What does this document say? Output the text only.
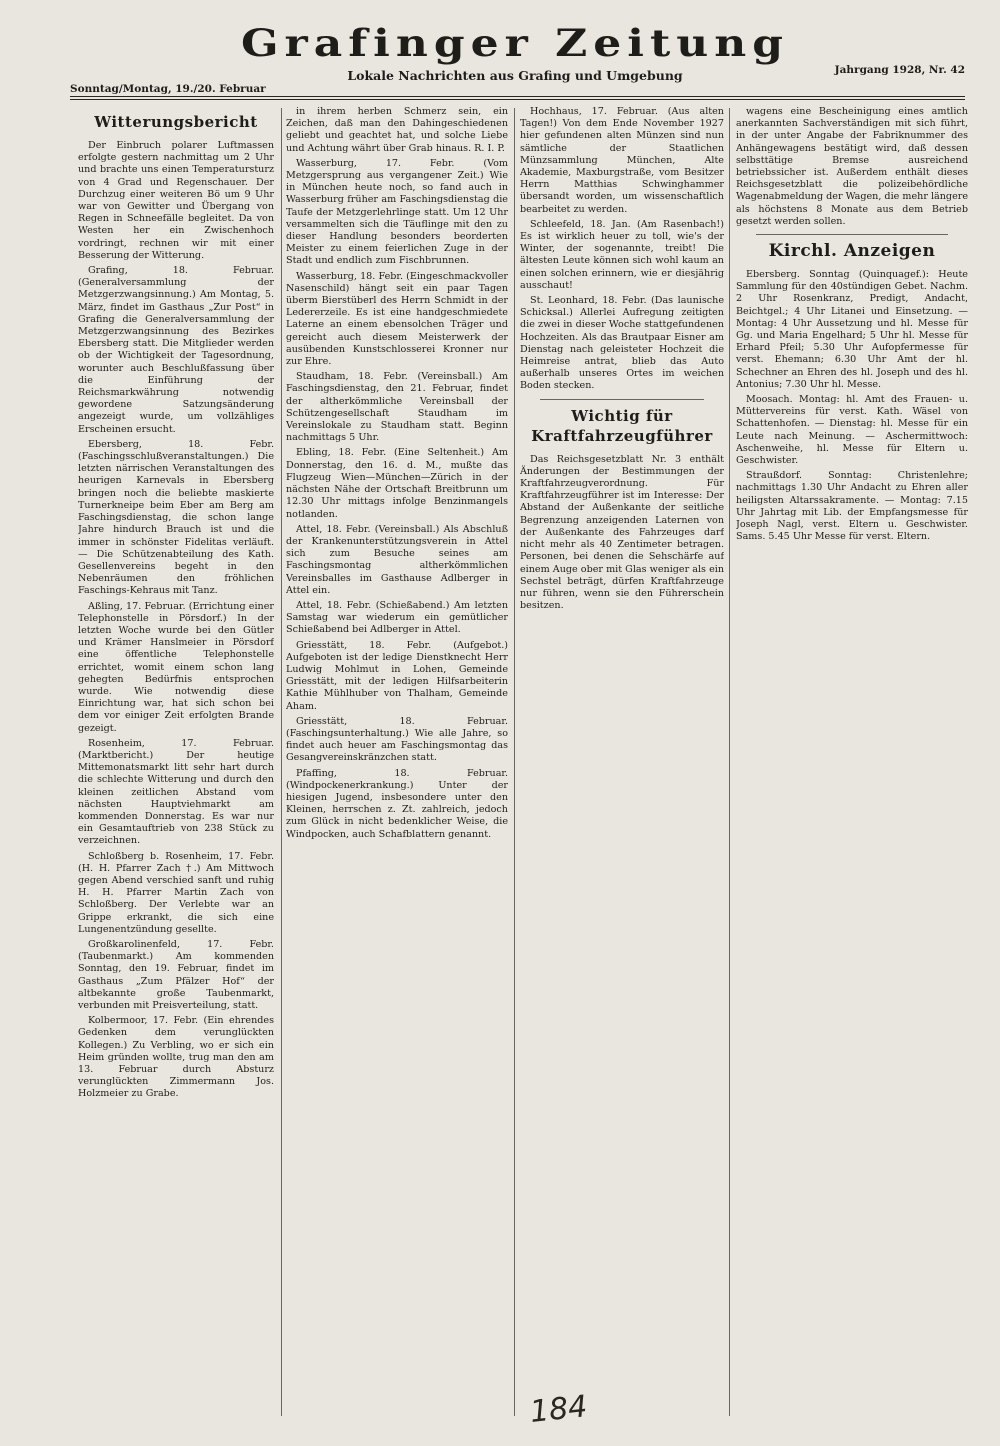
Grafinger Zeitung
Lokale Nachrichten aus Grafing und Umgebung
Sonntag/Montag, 19./20. Februar
Jahrgang 1928, Nr. 42
Witterungsbericht

Der Einbruch polarer Luftmassen erfolgte gestern nachmittag um 2 Uhr und brachte uns einen Temperatursturz von 4 Grad und Regenschauer. Der Durchzug einer weiteren Bö um 9 Uhr war von Gewitter und Übergang von Regen in Schneefälle begleitet. Da von Westen her ein Zwischenhoch vordringt, rechnen wir mit einer Besserung der Witterung.

Grafing, 18. Februar. (Generalversammlung der Metzgerzwangsinnung.) Am Montag, 5. März, findet im Gasthaus „Zur Post“ in Grafing die Generalversammlung der Metzgerzwangsinnung des Bezirkes Ebersberg statt. Die Mitglieder werden ob der Wichtigkeit der Tagesordnung, worunter auch Beschlußfassung über die Einführung der Reichsmarkwährung notwendig gewordene Satzungsänderung angezeigt wurde, um vollzähliges Erscheinen ersucht.

Ebersberg, 18. Febr. (Faschingsschlußveranstaltungen.) Die letzten närrischen Veranstaltungen des heurigen Karnevals in Ebersberg bringen noch die beliebte maskierte Turnerkneipe beim Eber am Berg am Faschingsdienstag, die schon lange Jahre hindurch Brauch ist und die immer in schönster Fidelitas verläuft. — Die Schützenabteilung des Kath. Gesellenvereins begeht in den Nebenräumen den fröhlichen Faschings-Kehraus mit Tanz.

Aßling, 17. Februar. (Errichtung einer Telephonstelle in Pörsdorf.) In der letzten Woche wurde bei den Gütler und Krämer Hanslmeier in Pörsdorf eine öffentliche Telephonstelle errichtet, womit einem schon lang gehegten Bedürfnis entsprochen wurde. Wie notwendig diese Einrichtung war, hat sich schon bei dem vor einiger Zeit erfolgten Brande gezeigt.

Rosenheim, 17. Februar. (Marktbericht.) Der heutige Mittemonatsmarkt litt sehr hart durch die schlechte Witterung und durch den kleinen zeitlichen Abstand vom nächsten Hauptviehmarkt am kommenden Donnerstag. Es war nur ein Gesamtauftrieb von 238 Stück zu verzeichnen.

Schloßberg b. Rosenheim, 17. Febr. (H. H. Pfarrer Zach †.) Am Mittwoch gegen Abend verschied sanft und ruhig H. H. Pfarrer Martin Zach von Schloßberg. Der Verlebte war an Grippe erkrankt, die sich eine Lungenentzündung gesellte.

Großkarolinenfeld, 17. Febr. (Taubenmarkt.) Am kommenden Sonntag, den 19. Februar, findet im Gasthaus „Zum Pfälzer Hof“ der altbekannte große Taubenmarkt, verbunden mit Preisverteilung, statt.

Kolbermoor, 17. Febr. (Ein ehrendes Gedenken dem verunglückten Kollegen.) Zu Verbling, wo er sich ein Heim gründen wollte, trug man den am 13. Februar durch Absturz verunglückten Zimmermann Jos. Holzmeier zu Grabe.

in ihrem herben Schmerz sein, ein Zeichen, daß man den Dahingeschiedenen geliebt und geachtet hat, und solche Liebe und Achtung währt über Grab hinaus. R. I. P.

Wasserburg, 17. Febr. (Vom Metzgersprung aus vergangener Zeit.) Wie in München heute noch, so fand auch in Wasserburg früher am Faschingsdienstag die Taufe der Metzgerlehrlinge statt. Um 12 Uhr versammelten sich die Täuflinge mit den zu dieser Handlung besonders beorderten Meister zu einem feierlichen Zuge in der Stadt und endlich zum Fischbrunnen.

Wasserburg, 18. Febr. (Eingeschmackvoller Nasenschild) hängt seit ein paar Tagen überm Bierstüberl des Herrn Schmidt in der Ledererzeile. Es ist eine handgeschmiedete Laterne an einem ebensolchen Träger und gereicht auch diesem Meisterwerk der ausübenden Kunstschlosserei Kronner nur zur Ehre.

Staudham, 18. Febr. (Vereinsball.) Am Faschingsdienstag, den 21. Februar, findet der altherkömmliche Vereinsball der Schützengesellschaft Staudham im Vereinslokale zu Staudham statt. Beginn nachmittags 5 Uhr.

Ebling, 18. Febr. (Eine Seltenheit.) Am Donnerstag, den 16. d. M., mußte das Flugzeug Wien—München—Zürich in der nächsten Nähe der Ortschaft Breitbrunn um 12.30 Uhr mittags infolge Benzinmangels notlanden.

Attel, 18. Febr. (Vereinsball.) Als Abschluß der Krankenunterstützungsverein in Attel sich zum Besuche seines am Faschingsmontag altherkömmlichen Vereinsballes im Gasthause Adlberger in Attel ein.

Attel, 18. Febr. (Schießabend.) Am letzten Samstag war wiederum ein gemütlicher Schießabend bei Adlberger in Attel.

Griesstätt, 18. Febr. (Aufgebot.) Aufgeboten ist der ledige Dienstknecht Herr Ludwig Mohlmut in Lohen, Gemeinde Griesstätt, mit der ledigen Hilfsarbeiterin Kathie Mühlhuber von Thalham, Gemeinde Aham.

Griesstätt, 18. Februar. (Faschingsunterhaltung.) Wie alle Jahre, so findet auch heuer am Faschingsmontag das Gesangvereinskränzchen statt.

Pfaffing, 18. Februar. (Windpockenerkrankung.) Unter der hiesigen Jugend, insbesondere unter den Kleinen, herrschen z. Zt. zahlreich, jedoch zum Glück in nicht bedenklicher Weise, die Windpocken, auch Schafblattern genannt.

Hochhaus, 17. Februar. (Aus alten Tagen!) Von dem Ende November 1927 hier gefundenen alten Münzen sind nun sämtliche der Staatlichen Münzsammlung München, Alte Akademie, Maxburgstraße, vom Besitzer Herrn Matthias Schwinghammer übersandt worden, um wissenschaftlich bearbeitet zu werden.

Schleefeld, 18. Jan. (Am Rasenbach!) Es ist wirklich heuer zu toll, wie's der Winter, der sogenannte, treibt! Die ältesten Leute können sich wohl kaum an einen solchen erinnern, wie er diesjährig ausschaut!

St. Leonhard, 18. Febr. (Das launische Schicksal.) Allerlei Aufregung zeitigten die zwei in dieser Woche stattgefundenen Hochzeiten. Als das Brautpaar Eisner am Dienstag nach geleisteter Hochzeit die Heimreise antrat, blieb das Auto außerhalb unseres Ortes im weichen Boden stecken.

Wichtig für Kraftfahrzeugführer

Das Reichsgesetzblatt Nr. 3 enthält Änderungen der Bestimmungen der Kraftfahrzeugverordnung. Für Kraftfahrzeugführer ist im Interesse: Der Abstand der Außenkante der seitliche Begrenzung anzeigenden Laternen von der Außenkante des Fahrzeuges darf nicht mehr als 40 Zentimeter betragen. Personen, bei denen die Sehschärfe auf einem Auge ober mit Glas weniger als ein Sechstel beträgt, dürfen Kraftfahrzeuge nur führen, wenn sie den Führerschein besitzen.

wagens eine Bescheinigung eines amtlich anerkannten Sachverständigen mit sich führt, in der unter Angabe der Fabriknummer des Anhängewagens bestätigt wird, daß dessen selbsttätige Bremse ausreichend betriebssicher ist. Außerdem enthält dieses Reichsgesetzblatt die polizeibehördliche Wagenabmeldung der Wagen, die mehr längere als höchstens 8 Monate aus dem Betrieb gesetzt werden sollen.

Kirchl. Anzeigen

Ebersberg. Sonntag (Quinquagef.): Heute Sammlung für den 40stündigen Gebet. Nachm. 2 Uhr Rosenkranz, Predigt, Andacht, Beichtgel.; 4 Uhr Litanei und Einsetzung. — Montag: 4 Uhr Aussetzung und hl. Messe für Gg. und Maria Engelhard; 5 Uhr hl. Messe für Erhard Pfeil; 5.30 Uhr Aufopfermesse für verst. Ehemann; 6.30 Uhr Amt der hl. Schechner an Ehren des hl. Joseph und des hl. Antonius; 7.30 Uhr hl. Messe.

Moosach. Montag: hl. Amt des Frauen- u. Müttervereins für verst. Kath. Wäsel von Schattenhofen. — Dienstag: hl. Messe für ein Leute nach Meinung. — Aschermittwoch: Aschenweihe, hl. Messe für Eltern u. Geschwister.

Straußdorf. Sonntag: Christenlehre; nachmittags 1.30 Uhr Andacht zu Ehren aller heiligsten Altarssakramente. — Montag: 7.15 Uhr Jahrtag mit Lib. der Empfangsmesse für Joseph Nagl, verst. Eltern u. Geschwister. Sams. 5.45 Uhr Messe für verst. Eltern.

184
